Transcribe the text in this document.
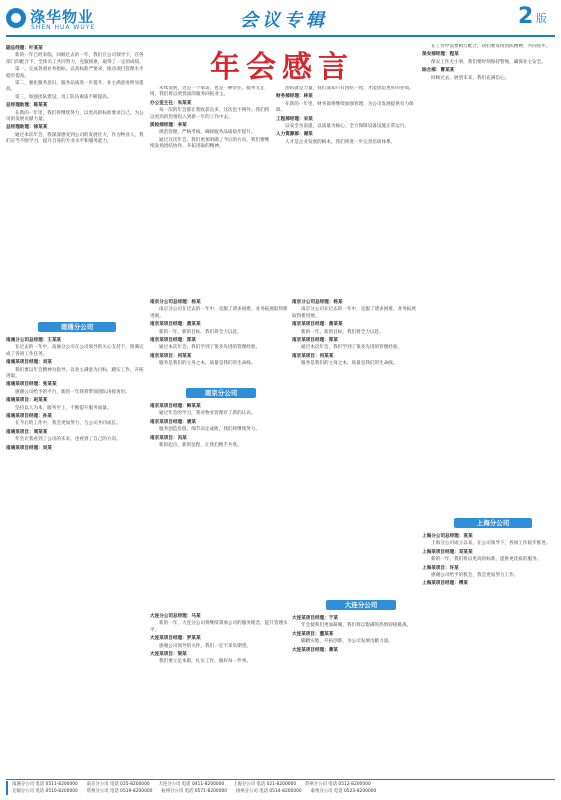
涤华物业
SHEN HUA WUYE	会议专辑	2 版
年会感言

副总经理：叶某某

新的一年已经来临，回顾过去的一年，我们在公司领导下，在各部门的配合下，全体员工共同努力，克服困难，取得了一定的成绩。

第一，完成各项业务指标，以高标准严要求，推动项目管理水平稳步提高。

第二，强化服务意识，服务品质进一步提升，业主满意度明显提高。

第三，加强团队建设，员工队伍素质不断提高。

总经理助理：陈某某

在新的一年里，我们将继续努力，以更高的标准要求自己，为公司的发展贡献力量。

总经理助理：徐某某

通过本次年会，我深深感受到公司的发展壮大，作为物业人，我们应当不断学习，提升自身的专业水平和服务能力。

南通分公司

南通分公司总经理：王某某

在过去的一年中，南通分公司在公司领导的关心支持下，圆满完成了各项工作任务。

南通某项目经理：刘某

我们要以年会精神为指导，以业主满意为目标，踏实工作，开拓进取。

南通某项目经理：张某某

感谢公司给予的平台，新的一年我将带领团队再接再厉。

南通某项目：赵某某

坚持以人为本，服务至上，不断提升服务质量。

南通某项目经理：孙某

在今后的工作中，我会更加努力，与公司共同成长。

南通某项目：周某某

年会让我看到了公司的未来，也看到了自己的方向。

南通某项目经理：吴某

永续发展，这是一个承诺，也是一种责任。服务无止境，我们将以更优质的服务回报业主。

办公室主任：朱某某

每一次的年会都让我收获良多，这次也不例外。我们将以更高的热情投入到新一年的工作中去。

质检部经理：李某

规范管理，严格考核，确保服务品质稳步提升。

通过这次年会，我们更加明确了今后的方向，我们要继续发扬团结协作、开拓进取的精神。

团结就是力量，我们深知只有团结一致，才能创造更好的业绩。

财务部经理：林某

在新的一年里，财务部将继续加强管理，为公司发展提供有力保障。

工程部经理：宋某

以安全为前提，以质量为核心，全力保障设备设施正常运行。

人力资源部：谢某

人才是企业发展的根本，我们将进一步完善培训体系。

南京分公司总经理：杨某

南京分公司在过去的一年中，克服了诸多困难，业务拓展取得新进展。

南京某项目经理：黄某某

新的一年，新的目标，我们将全力以赴。

南京某项目经理：郑某

通过本次年会，我们学到了很多先进的管理经验。

南京某项目：何某某

服务是我们的立身之本，质量是我们的生命线。

南京分公司

南京某项目经理：韩某某

通过年会的学习，我对物业管理有了新的认识。

南京某项目经理：唐某

服务创造价值，细节决定成败，我们将继续努力。

南京某项目：冯某

新的起点，新的征程，让我们携手共进。

大连分公司总经理：马某

新的一年，大连分公司将继续秉承公司的服务理念，提升管理水平。

大连某项目经理：罗某某

感谢公司领导的关怀，我们一定不辜负期望。

大连某项目：梁某

我们要立足本职，扎实工作，做好每一件事。

南京分公司总经理：杨某

南京分公司在过去的一年中，克服了诸多困难，业务拓展取得新进展。

南京某项目经理：黄某某

新的一年，新的目标，我们将全力以赴。

南京某项目经理：郑某

通过本次年会，我们学到了很多先进的管理经验。

南京某项目：何某某

服务是我们的立身之本，质量是我们的生命线。

大连分公司

大连某项目经理：于某

年会使我们更加凝聚，我们将以饱满的热情迎接挑战。

大连某项目：董某某

脚踏实地，开拓创新，为公司发展贡献力量。

大连某项目经理：萧某

在工作中需要相互配合，我们要发扬团队精神，共同进步。

保安部经理：程某

保安工作无小事，我们要时刻保持警惕，确保业主安全。

综合部：曹某某

回顾过去，展望未来，我们充满信心。

上海分公司

上海分公司总经理：袁某

上海分公司成立以来，在公司领导下，各项工作稳步推进。

上海某项目经理：邓某某

新的一年，我们将以更高的标准，提供更优质的服务。

上海某项目：许某

感谢公司给予的机会，我会更加努力工作。

上海某项目经理：傅某

南通分公司 电话 0511-8200000　　南京分公司 电话 025-8200000　　大连分公司 电话 0411-8200000　　上海分公司 电话 021-8200000　　苏州分公司 电话 0512-8200000
无锡分公司 电话 0510-8200000　　常州分公司 电话 0519-8200000　　杭州分公司 电话 0571-8200000　　扬州分公司 电话 0514-8200000　　泰州分公司 电话 0523-8200000
